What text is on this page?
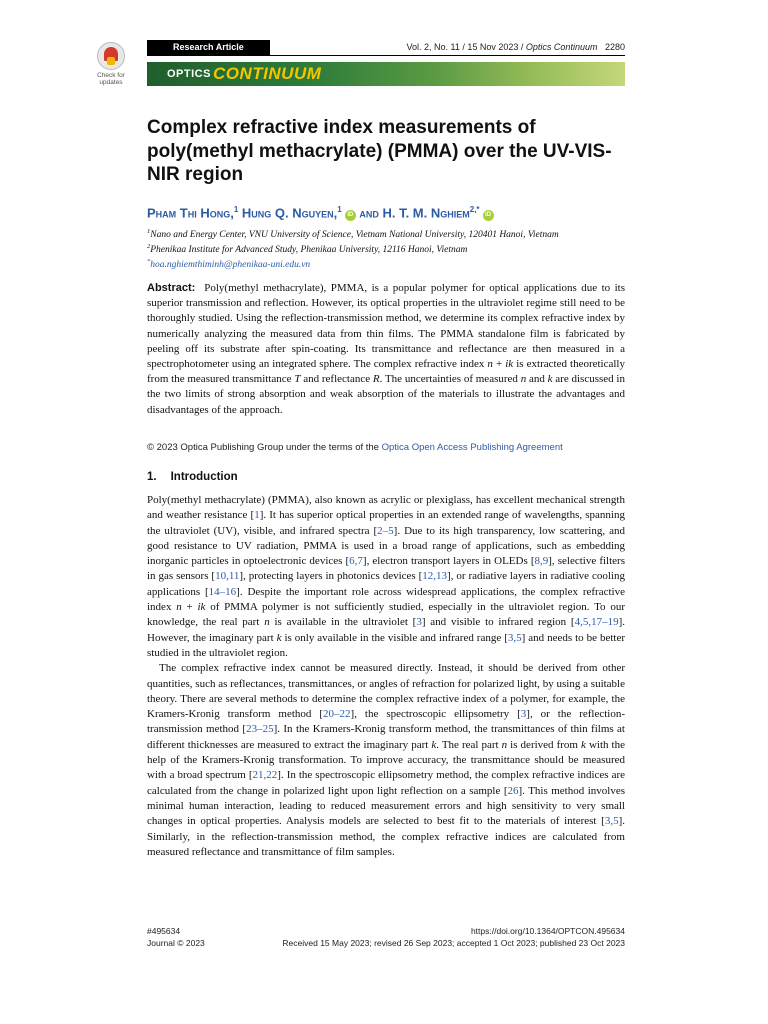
Check for
updates
Research Article	Vol. 2, No. 11 / 15 Nov 2023 / Optics Continuum 2280
OPTICS CONTINUUM
Complex refractive index measurements of poly(methyl methacrylate) (PMMA) over the UV-VIS-NIR region
Pham Thi Hong,$^1$ Hung Q. Nguyen,$^1$iD and H. T. M. Nghiem$^{2,*}$iD
$^1$Nano and Energy Center, VNU University of Science, Vietnam National University, 120401 Hanoi, Vietnam
$^2$Phenikaa Institute for Advanced Study, Phenikaa University, 12116 Hanoi, Vietnam
*hoa.nghiemthiminh@phenikaa-uni.edu.vn
Abstract: Poly(methyl methacrylate), PMMA, is a popular polymer for optical applications due to its superior transmission and reflection. However, its optical properties in the ultraviolet regime still need to be thoroughly studied. Using the reflection-transmission method, we determine its complex refractive index by numerically analyzing the measured data from thin films. The PMMA standalone film is fabricated by peeling off its substrate after spin-coating. Its transmittance and reflectance are then measured in a spectrophotometer using an integrated sphere. The complex refractive index n + ik is extracted theoretically from the measured transmittance T and reflectance R. The uncertainties of measured n and k are discussed in the two limits of strong absorption and weak absorption of the materials to illustrate the advantages and disadvantages of the approach.
© 2023 Optica Publishing Group under the terms of the Optica Open Access Publishing Agreement
1. Introduction

Poly(methyl methacrylate) (PMMA), also known as acrylic or plexiglass, has excellent mechanical strength and weather resistance [1]. It has superior optical properties in an extended range of wavelengths, spanning the ultraviolet (UV), visible, and infrared spectra [2–5]. Due to its high transparency, low scattering, and good resistance to UV radiation, PMMA is used in a broad range of applications, such as embedding inorganic particles in optoelectronic devices [6,7], electron transport layers in OLEDs [8,9], selective filters in gas sensors [10,11], protecting layers in photonics devices [12,13], or radiative layers in radiative cooling applications [14–16]. Despite the important role across widespread applications, the complex refractive index n + ik of PMMA polymer is not sufficiently studied, especially in the ultraviolet region. To our knowledge, the real part n is available in the ultraviolet [3] and visible to infrared region [4,5,17–19]. However, the imaginary part k is only available in the visible and infrared range [3,5] and needs to be better studied in the ultraviolet region.

The complex refractive index cannot be measured directly. Instead, it should be derived from other quantities, such as reflectances, transmittances, or angles of refraction for polarized light, by using a suitable theory. There are several methods to determine the complex refractive index of a polymer, for example, the Kramers-Kronig transform method [20–22], the spectroscopic ellipsometry [3], or the reflection-transmission method [23–25]. In the Kramers-Kronig transform method, the transmittances of thin films at different thicknesses are measured to extract the imaginary part k. The real part n is derived from k with the help of the Kramers-Kronig transformation. To improve accuracy, the transmittance should be measured with a broad spectrum [21,22]. In the spectroscopic ellipsometry method, the complex refractive indices are calculated from the change in polarized light upon light reflection on a sample [26]. This method involves minimal human interaction, leading to reduced measurement errors and high sensitivity to very small changes in optical properties. Analysis models are selected to best fit to the materials of interest [3,5]. Similarly, in the reflection-transmission method, the complex refractive indices are calculated from measured reflectance and transmittance of film samples.

#495634
Journal © 2023
https://doi.org/10.1364/OPTCON.495634
Received 15 May 2023; revised 26 Sep 2023; accepted 1 Oct 2023; published 23 Oct 2023
